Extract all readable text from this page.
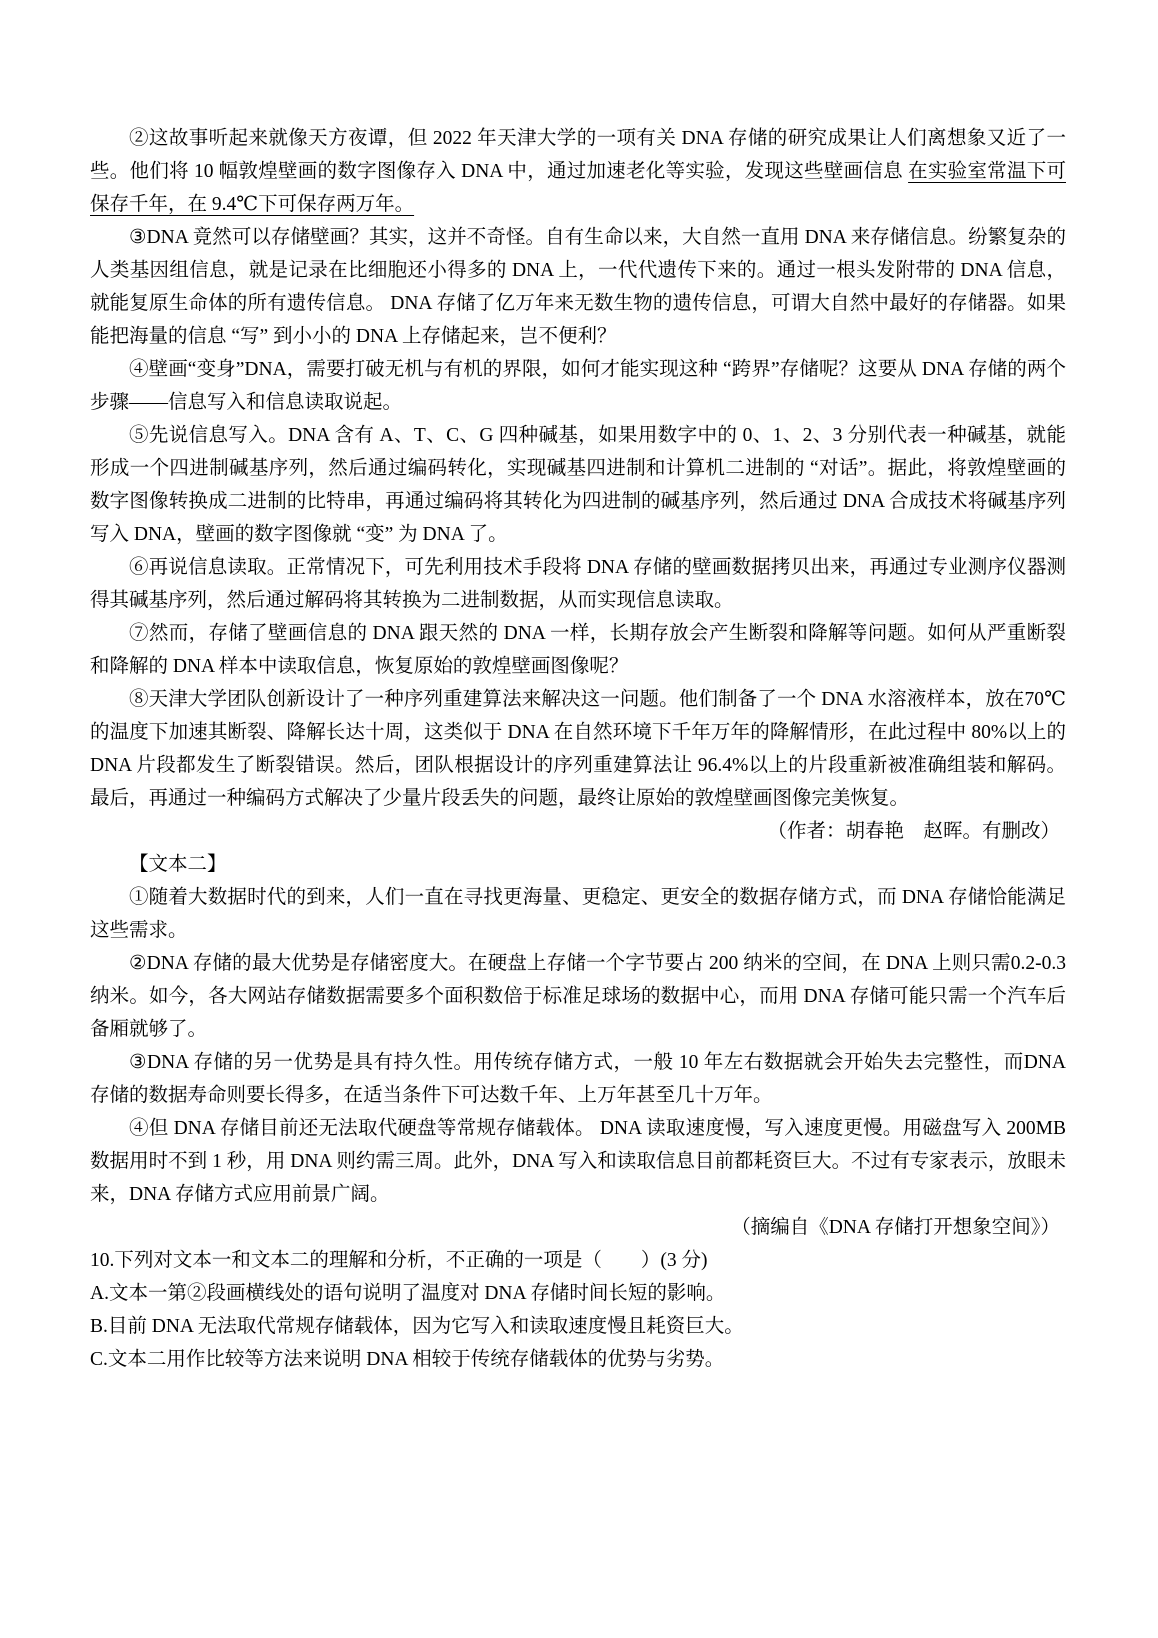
②这故事听起来就像天方夜谭，但 2022 年天津大学的一项有关 DNA 存储的研究成果让人们离想象又近了一些。他们将 10 幅敦煌壁画的数字图像存入 DNA 中，通过加速老化等实验，发现这些壁画信息 在实验室常温下可保存千年，在 9.4℃下可保存两万年。

③DNA 竟然可以存储壁画？其实，这并不奇怪。自有生命以来，大自然一直用 DNA 来存储信息。纷繁复杂的人类基因组信息，就是记录在比细胞还小得多的 DNA 上，一代代遗传下来的。通过一根头发附带的 DNA 信息，就能复原生命体的所有遗传信息。 DNA 存储了亿万年来无数生物的遗传信息，可谓大自然中最好的存储器。如果能把海量的信息 “写” 到小小的 DNA 上存储起来，岂不便利？

④壁画“变身”DNA，需要打破无机与有机的界限，如何才能实现这种 “跨界”存储呢？这要从 DNA 存储的两个步骤——信息写入和信息读取说起。

⑤先说信息写入。DNA 含有 A、T、C、G 四种碱基，如果用数字中的 0、1、2、3 分别代表一种碱基，就能形成一个四进制碱基序列，然后通过编码转化，实现碱基四进制和计算机二进制的 “对话”。据此，将敦煌壁画的数字图像转换成二进制的比特串，再通过编码将其转化为四进制的碱基序列，然后通过 DNA 合成技术将碱基序列写入 DNA，壁画的数字图像就 “变” 为 DNA 了。

⑥再说信息读取。正常情况下，可先利用技术手段将 DNA 存储的壁画数据拷贝出来，再通过专业测序仪器测得其碱基序列，然后通过解码将其转换为二进制数据，从而实现信息读取。

⑦然而，存储了壁画信息的 DNA 跟天然的 DNA 一样，长期存放会产生断裂和降解等问题。如何从严重断裂和降解的 DNA 样本中读取信息，恢复原始的敦煌壁画图像呢？

⑧天津大学团队创新设计了一种序列重建算法来解决这一问题。他们制备了一个 DNA 水溶液样本，放在70℃的温度下加速其断裂、降解长达十周，这类似于 DNA 在自然环境下千年万年的降解情形，在此过程中 80%以上的 DNA 片段都发生了断裂错误。然后，团队根据设计的序列重建算法让 96.4%以上的片段重新被准确组装和解码。最后，再通过一种编码方式解决了少量片段丢失的问题，最终让原始的敦煌壁画图像完美恢复。

（作者：胡春艳　赵晖。有删改）

【文本二】

①随着大数据时代的到来，人们一直在寻找更海量、更稳定、更安全的数据存储方式，而 DNA 存储恰能满足这些需求。

②DNA 存储的最大优势是存储密度大。在硬盘上存储一个字节要占 200 纳米的空间，在 DNA 上则只需0.2-0.3 纳米。如今，各大网站存储数据需要多个面积数倍于标准足球场的数据中心，而用 DNA 存储可能只需一个汽车后备厢就够了。

③DNA 存储的另一优势是具有持久性。用传统存储方式，一般 10 年左右数据就会开始失去完整性，而DNA 存储的数据寿命则要长得多，在适当条件下可达数千年、上万年甚至几十万年。

④但 DNA 存储目前还无法取代硬盘等常规存储载体。 DNA 读取速度慢，写入速度更慢。用磁盘写入 200MB数据用时不到 1 秒，用 DNA 则约需三周。此外，DNA 写入和读取信息目前都耗资巨大。不过有专家表示，放眼未来，DNA 存储方式应用前景广阔。

（摘编自《DNA 存储打开想象空间》）

10.下列对文本一和文本二的理解和分析，不正确的一项是（　　）(3 分)

A.文本一第②段画横线处的语句说明了温度对 DNA 存储时间长短的影响。

B.目前 DNA 无法取代常规存储载体，因为它写入和读取速度慢且耗资巨大。

C.文本二用作比较等方法来说明 DNA 相较于传统存储载体的优势与劣势。
